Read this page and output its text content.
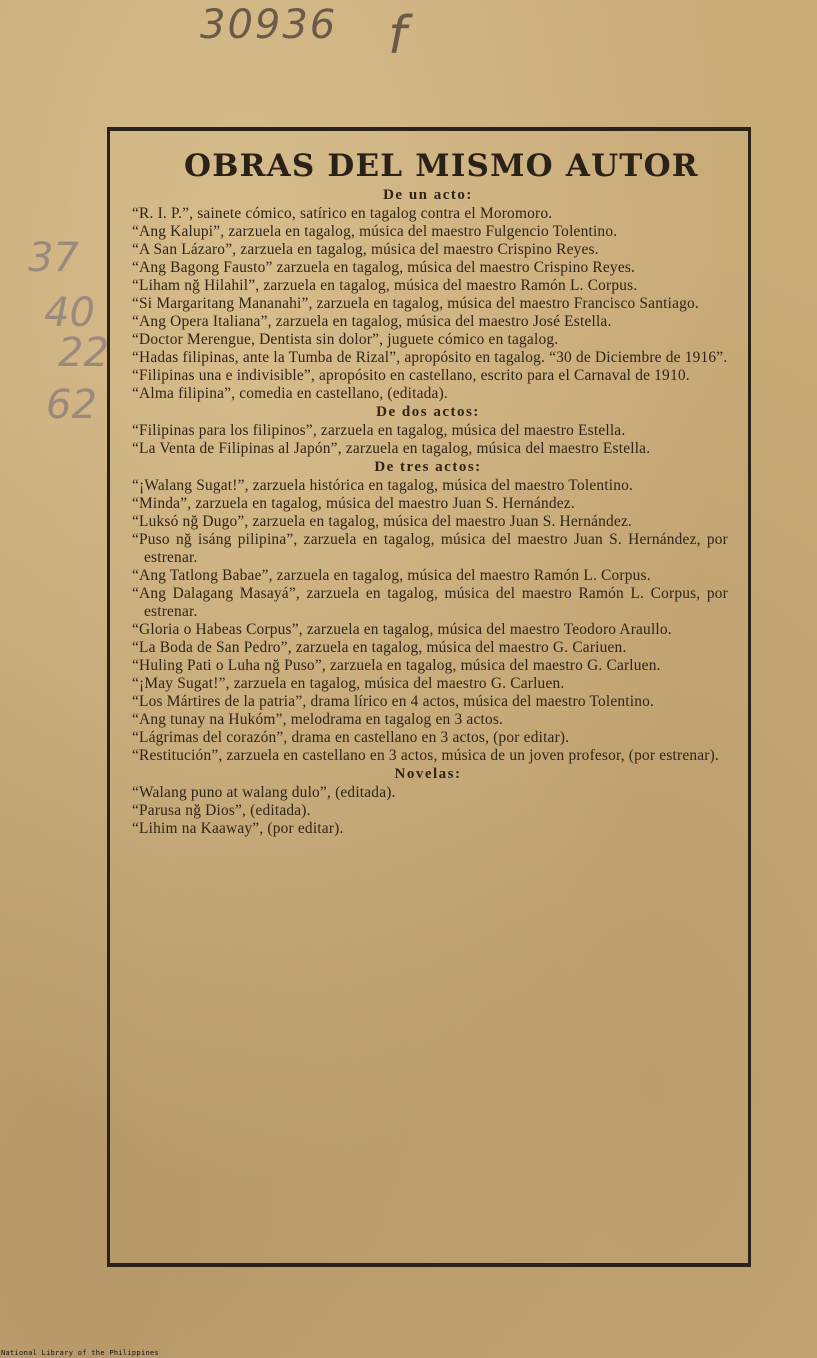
30936 f
37
40
22
62
OBRAS DEL MISMO AUTOR
De un acto:
“R. I. P.”, sainete cómico, satírico en tagalog contra el Moromoro.
“Ang Kalupi”, zarzuela en tagalog, música del maestro Fulgencio Tolentino.
“A San Lázaro”, zarzuela en tagalog, música del maestro Crispino Reyes.
“Ang Bagong Fausto” zarzuela en tagalog, música del maestro Crispino Reyes.
“Liham nğ Hilahil”, zarzuela en tagalog, música del maestro Ramón L. Corpus.
“Si Margaritang Mananahi”, zarzuela en tagalog, música del maestro Francisco Santiago.
“Ang Opera Italiana”, zarzuela en tagalog, música del maestro José Estella.
“Doctor Merengue, Dentista sin dolor”, juguete cómico en tagalog.
“Hadas filipinas, ante la Tumba de Rizal”, apropósito en tagalog. “30 de Diciembre de 1916”.
“Filipinas una e indivisible”, apropósito en castellano, escrito para el Carnaval de 1910.
“Alma filipina”, comedia en castellano, (editada).
De dos actos:
“Filipinas para los filipinos”, zarzuela en tagalog, música del maestro Estella.
“La Venta de Filipinas al Japón”, zarzuela en tagalog, música del maestro Estella.
De tres actos:
“¡Walang Sugat!”, zarzuela histórica en tagalog, música del maestro Tolentino.
“Minda”, zarzuela en tagalog, música del maestro Juan S. Hernández.
“Luksó nğ Dugo”, zarzuela en tagalog, música del maestro Juan S. Hernández.
“Puso nğ isáng pilipina”, zarzuela en tagalog, música del maestro Juan S. Hernández, por estrenar.
“Ang Tatlong Babae”, zarzuela en tagalog, música del maestro Ramón L. Corpus.
“Ang Dalagang Masayá”, zarzuela en tagalog, música del maestro Ramón L. Corpus, por estrenar.
“Gloria o Habeas Corpus”, zarzuela en tagalog, música del maestro Teodoro Araullo.
“La Boda de San Pedro”, zarzuela en tagalog, música del maestro G. Cariuen.
“Huling Pati o Luha nğ Puso”, zarzuela en tagalog, música del maestro G. Carluen.
“¡May Sugat!”, zarzuela en tagalog, música del maestro G. Carluen.
“Los Mártires de la patria”, drama lírico en 4 actos, música del maestro Tolentino.
“Ang tunay na Hukóm”, melodrama en tagalog en 3 actos.
“Lágrimas del corazón”, drama en castellano en 3 actos, (por editar).
“Restitución”, zarzuela en castellano en 3 actos, música de un joven profesor, (por estrenar).
Novelas:
“Walang puno at walang dulo”, (editada).
“Parusa nğ Dios”, (editada).
“Lihim na Kaaway”, (por editar).
National Library of the Philippines
